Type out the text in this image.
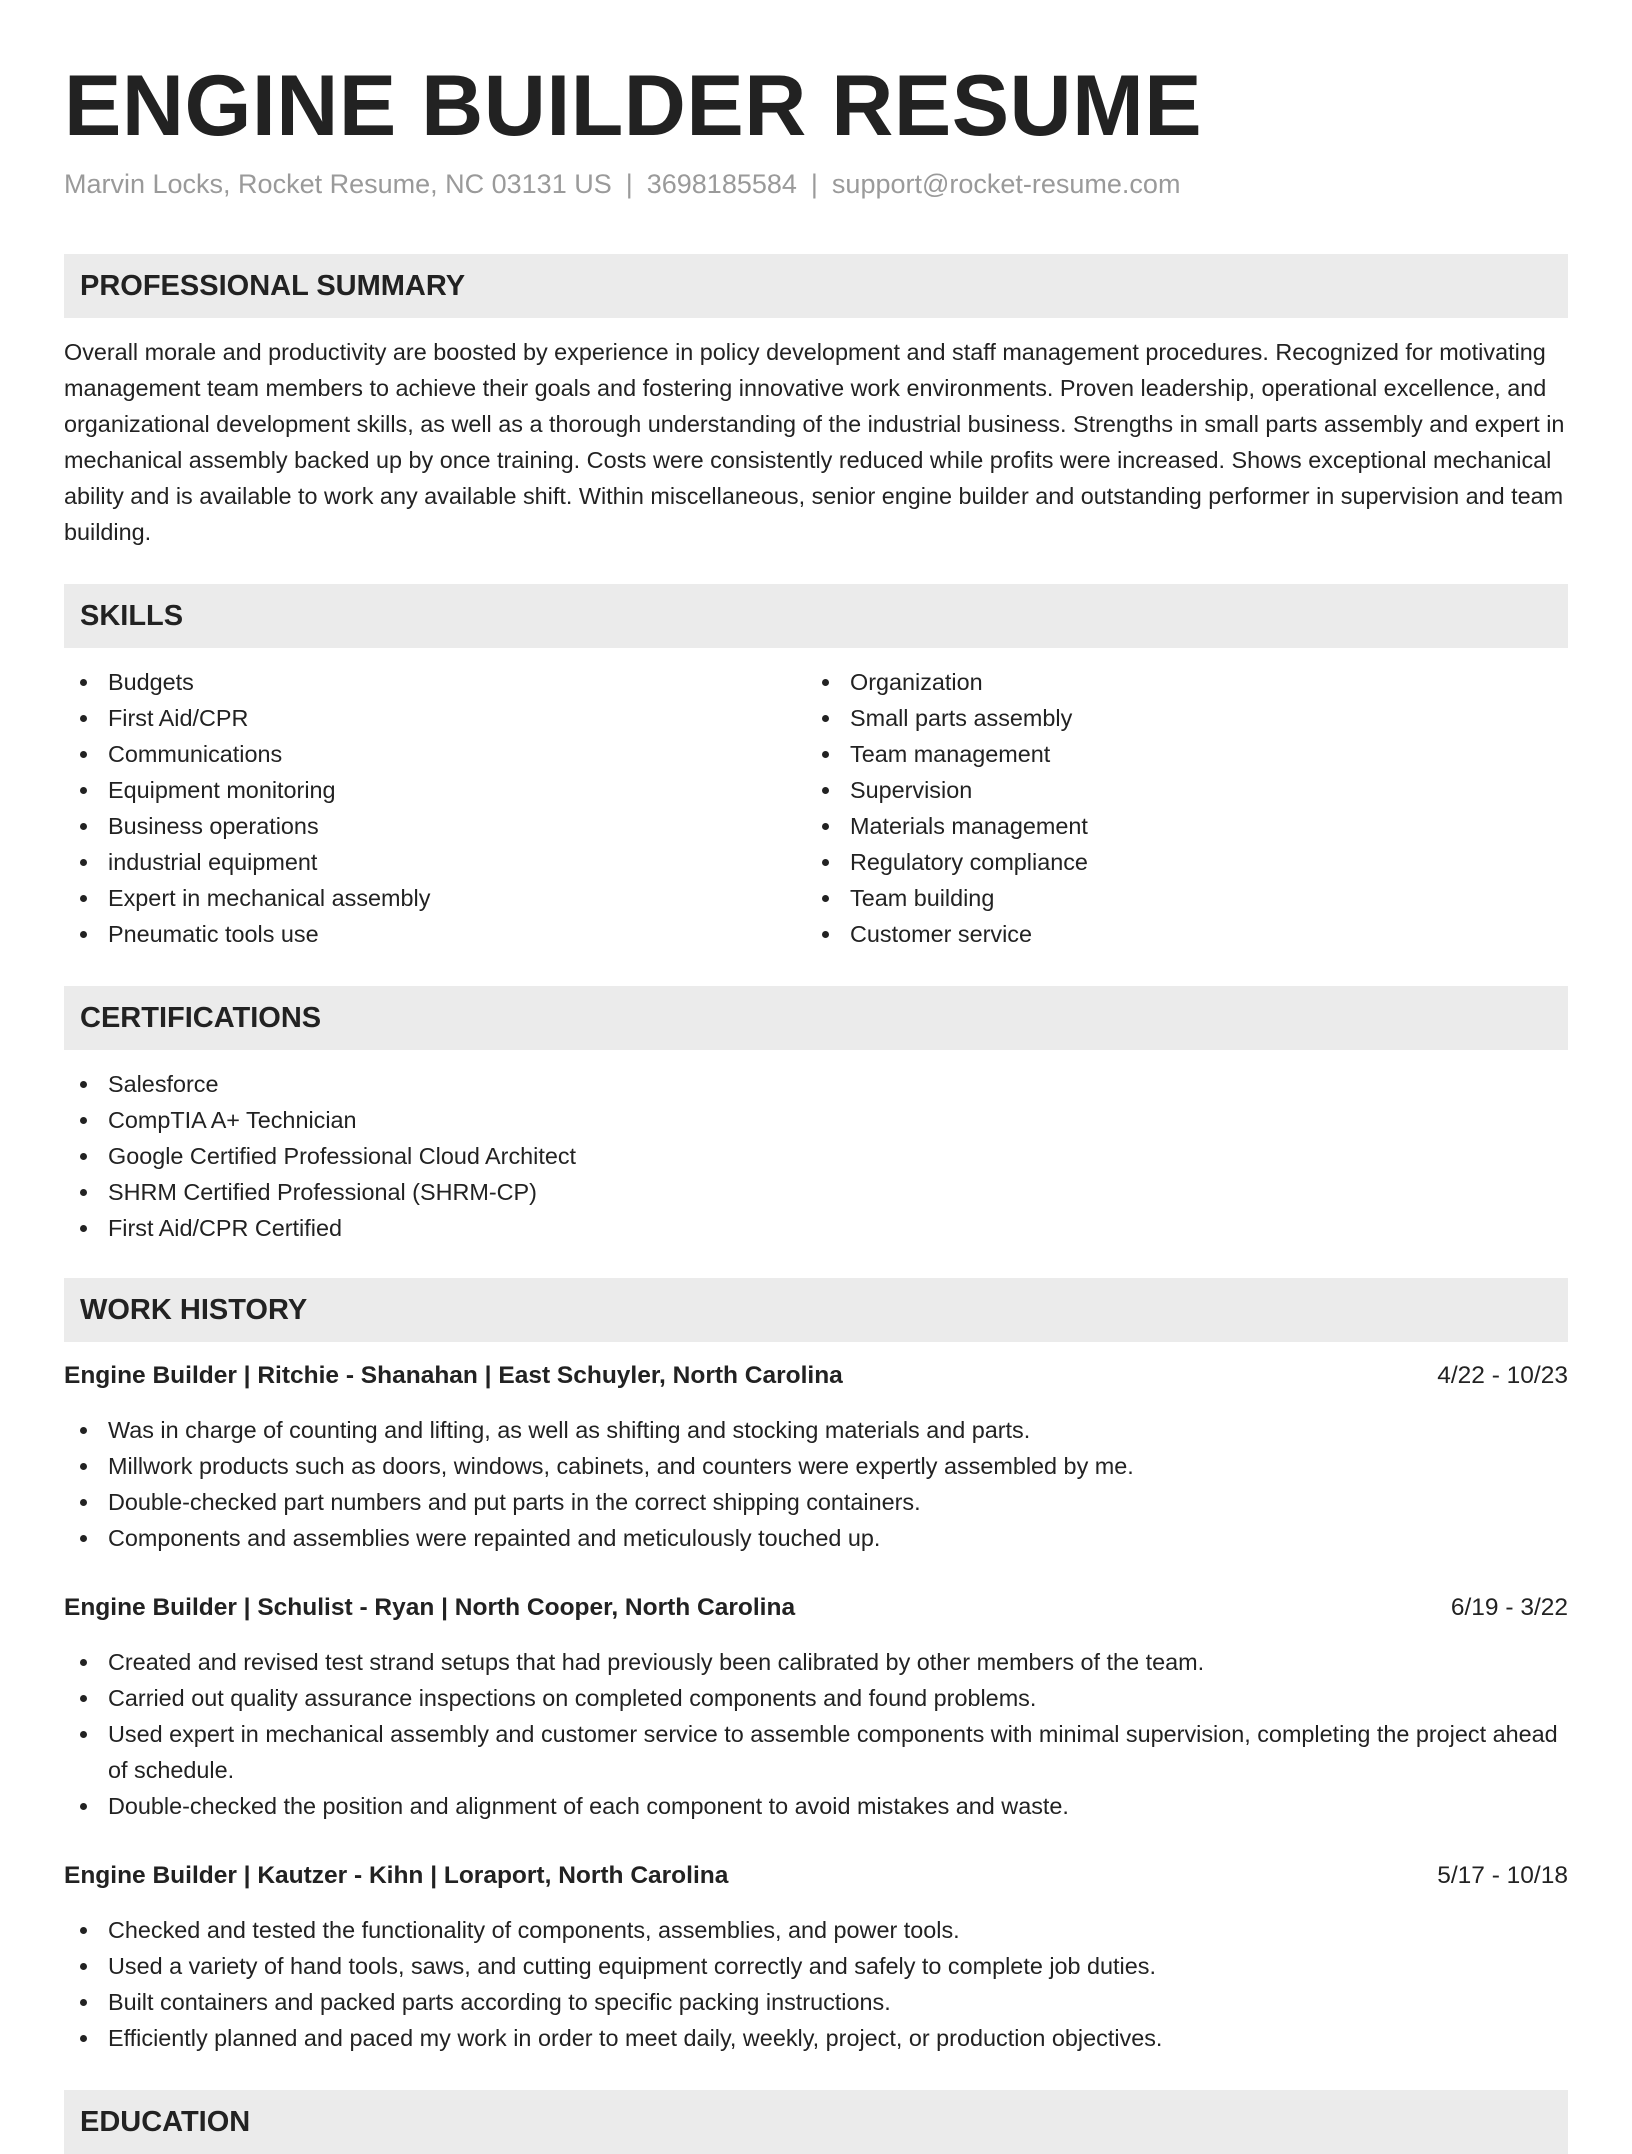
ENGINE BUILDER RESUME
Marvin Locks, Rocket Resume, NC 03131 US | 3698185584 | support@rocket-resume.com
PROFESSIONAL SUMMARY
Overall morale and productivity are boosted by experience in policy development and staff management procedures. Recognized for motivating management team members to achieve their goals and fostering innovative work environments. Proven leadership, operational excellence, and organizational development skills, as well as a thorough understanding of the industrial business. Strengths in small parts assembly and expert in mechanical assembly backed up by once training. Costs were consistently reduced while profits were increased. Shows exceptional mechanical ability and is available to work any available shift. Within miscellaneous, senior engine builder and outstanding performer in supervision and team building.
SKILLS
Budgets
First Aid/CPR
Communications
Equipment monitoring
Business operations
industrial equipment
Expert in mechanical assembly
Pneumatic tools use
Organization
Small parts assembly
Team management
Supervision
Materials management
Regulatory compliance
Team building
Customer service
CERTIFICATIONS
Salesforce
CompTIA A+ Technician
Google Certified Professional Cloud Architect
SHRM Certified Professional (SHRM-CP)
First Aid/CPR Certified
WORK HISTORY
Engine Builder | Ritchie - Shanahan | East Schuyler, North Carolina	4/22 - 10/23
Was in charge of counting and lifting, as well as shifting and stocking materials and parts.
Millwork products such as doors, windows, cabinets, and counters were expertly assembled by me.
Double-checked part numbers and put parts in the correct shipping containers.
Components and assemblies were repainted and meticulously touched up.
Engine Builder | Schulist - Ryan | North Cooper, North Carolina	6/19 - 3/22
Created and revised test strand setups that had previously been calibrated by other members of the team.
Carried out quality assurance inspections on completed components and found problems.
Used expert in mechanical assembly and customer service to assemble components with minimal supervision, completing the project ahead of schedule.
Double-checked the position and alignment of each component to avoid mistakes and waste.
Engine Builder | Kautzer - Kihn | Loraport, North Carolina	5/17 - 10/18
Checked and tested the functionality of components, assemblies, and power tools.
Used a variety of hand tools, saws, and cutting equipment correctly and safely to complete job duties.
Built containers and packed parts according to specific packing instructions.
Efficiently planned and paced my work in order to meet daily, weekly, project, or production objectives.
EDUCATION
